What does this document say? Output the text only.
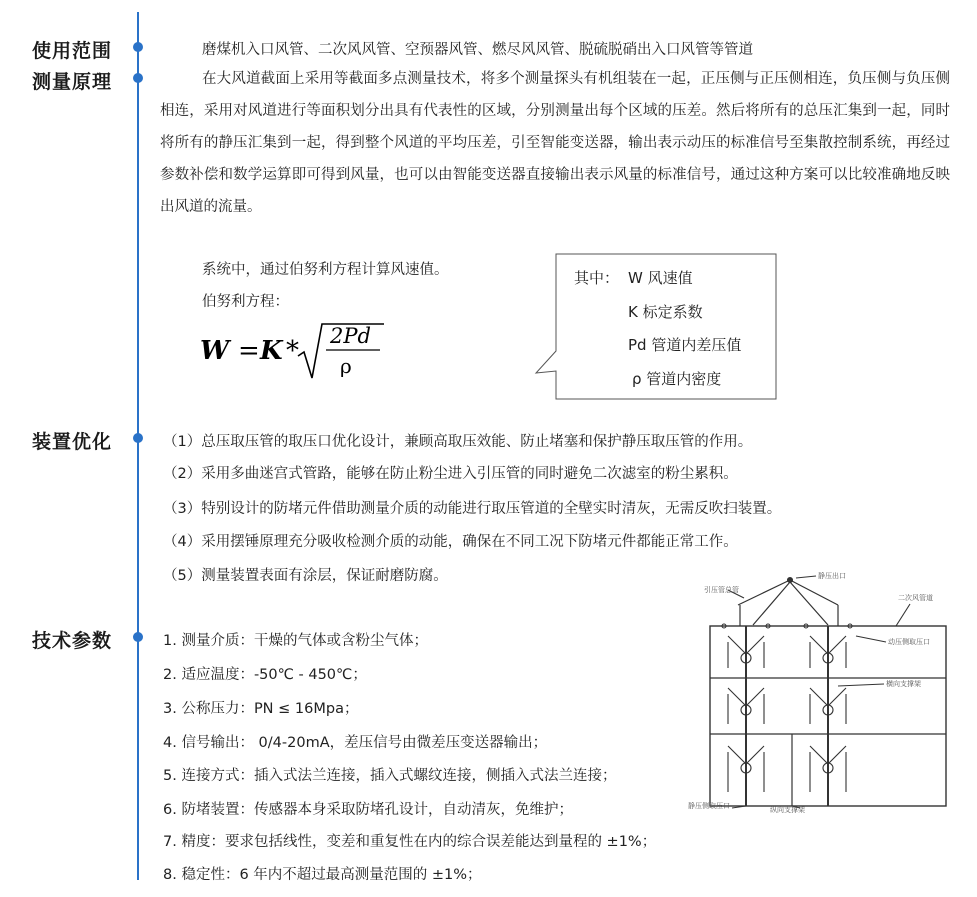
使用范围	磨煤机入口风管、二次风风管、空预器风管、燃尽风风管、脱硫脱硝出入口风管等管道
测量原理	在大风道截面上采用等截面多点测量技术，将多个测量探头有机组装在一起，正压侧与正压侧相连，负压侧与负压侧相连，采用对风道进行等面积划分出具有代表性的区域，分别测量出每个区域的压差。然后将所有的总压汇集到一起，同时将所有的静压汇集到一起，得到整个风道的平均压差，引至智能变送器，输出表示动压的标准信号至集散控制系统，再经过参数补偿和数学运算即可得到风量，也可以由智能变送器直接输出表示风量的标准信号，通过这种方案可以比较准确地反映出风道的流量。
系统中，通过伯努利方程计算风速值。
伯努利方程：
W = K * 2Pd
ρ
其中： W 风速值
K 标定系数
Pd 管道内差压值
ρ 管道内密度
装置优化	（1）总压取压管的取压口优化设计，兼顾高取压效能、防止堵塞和保护静压取压管的作用。
（2）采用多曲迷宫式管路，能够在防止粉尘进入引压管的同时避免二次滤室的粉尘累积。
（3）特别设计的防堵元件借助测量介质的动能进行取压管道的全壁实时清灰，无需反吹扫装置。
（4）采用摆锤原理充分吸收检测介质的动能，确保在不同工况下防堵元件都能正常工作。
（5）测量装置表面有涂层，保证耐磨防腐。
技术参数	1. 测量介质：干燥的气体或含粉尘气体；
2. 适应温度：-50℃ - 450℃；
3. 公称压力：PN ≤ 16Mpa；
4. 信号输出： 0/4-20mA，差压信号由微差压变送器输出；
5. 连接方式：插入式法兰连接，插入式螺纹连接，侧插入式法兰连接；
6. 防堵装置：传感器本身采取防堵孔设计，自动清灰，免维护；
7. 精度：要求包括线性，变差和重复性在内的综合误差能达到量程的 ±1%；
8. 稳定性：6 年内不超过最高测量范围的 ±1%；
引压管总管
静压出口
二次风管道
动压侧取压口
横向支撑架
静压侧取压口	纵向支撑架
